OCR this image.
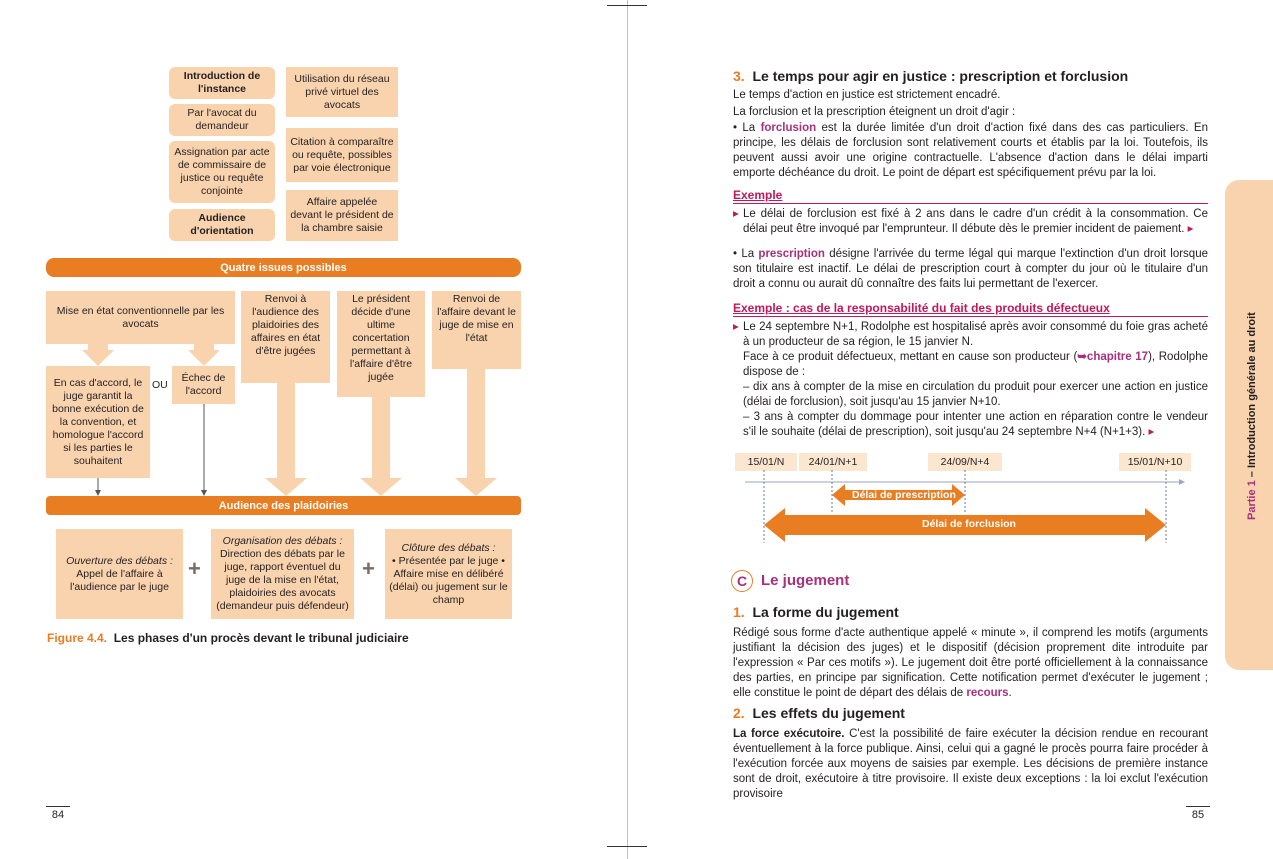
Introduction de l'instance
Par l'avocat du demandeur
Assignation par acte de commissaire de justice ou requête conjointe
Audience d'orientation
Utilisation du réseau privé virtuel des avocats
Citation à comparaître ou requête, possibles par voie électronique
Affaire appelée devant le président de la chambre saisie
Quatre issues possibles
Mise en état conventionnelle par les avocats
Renvoi à l'audience des plaidoiries des affaires en état d'être jugées
Le président décide d'une ultime concertation permettant à l'affaire d'être jugée
Renvoi de l'affaire devant le juge de mise en l'état
En cas d'accord, le juge garantit la bonne exécution de la convention, et homologue l'accord si les parties le souhaitent
OU
Échec de l'accord
Audience des plaidoiries
Ouverture des débats :
Appel de l'affaire à l'audience par le juge
+
Organisation des débats :
Direction des débats par le juge, rapport éventuel du juge de la mise en l'état, plaidoiries des avocats (demandeur puis défendeur)
+
Clôture des débats :
• Présentée par le juge • Affaire mise en délibéré (délai) ou jugement sur le champ
Figure 4.4. Les phases d'un procès devant le tribunal judiciaire
84
3. Le temps pour agir en justice : prescription et forclusion
Le temps d'action en justice est strictement encadré.
La forclusion et la prescription éteignent un droit d'agir :
• La forclusion est la durée limitée d'un droit d'action fixé dans des cas particuliers. En principe, les délais de forclusion sont relativement courts et établis par la loi. Toutefois, ils peuvent aussi avoir une origine contractuelle. L'absence d'action dans le délai imparti emporte déchéance du droit. Le point de départ est spécifiquement prévu par la loi.
Exemple
▸ Le délai de forclusion est fixé à 2 ans dans le cadre d'un crédit à la consommation. Ce délai peut être invoqué par l'emprunteur. Il débute dès le premier incident de paiement. ▸
• La prescription désigne l'arrivée du terme légal qui marque l'extinction d'un droit lorsque son titulaire est inactif. Le délai de prescription court à compter du jour où le titulaire d'un droit a connu ou aurait dû connaître des faits lui permettant de l'exercer.
Exemple : cas de la responsabilité du fait des produits défectueux
▸ Le 24 septembre N+1, Rodolphe est hospitalisé après avoir consommé du foie gras acheté à un producteur de sa région, le 15 janvier N.
Face à ce produit défectueux, mettant en cause son producteur (➥chapitre 17), Rodolphe dispose de :
– dix ans à compter de la mise en circulation du produit pour exercer une action en justice (délai de forclusion), soit jusqu'au 15 janvier N+10.
– 3 ans à compter du dommage pour intenter une action en réparation contre le vendeur s'il le souhaite (délai de prescription), soit jusqu'au 24 septembre N+4 (N+1+3). ▸
15/01/N	24/01/N+1	24/09/N+4	15/01/N+10
Délai de prescription
Délai de forclusion
C Le jugement
1. La forme du jugement
Rédigé sous forme d'acte authentique appelé « minute », il comprend les motifs (arguments justifiant la décision des juges) et le dispositif (décision proprement dite introduite par l'expression « Par ces motifs »). Le jugement doit être porté officiellement à la connaissance des parties, en principe par signification. Cette notification permet d'exécuter le jugement ; elle constitue le point de départ des délais de recours.
2. Les effets du jugement
La force exécutoire. C'est la possibilité de faire exécuter la décision rendue en recourant éventuellement à la force publique. Ainsi, celui qui a gagné le procès pourra faire procéder à l'exécution forcée aux moyens de saisies par exemple. Les décisions de première instance sont de droit, exécutoire à titre provisoire. Il existe deux exceptions : la loi exclut l'exécution provisoire
85
Partie 1 – Introduction générale au droit
